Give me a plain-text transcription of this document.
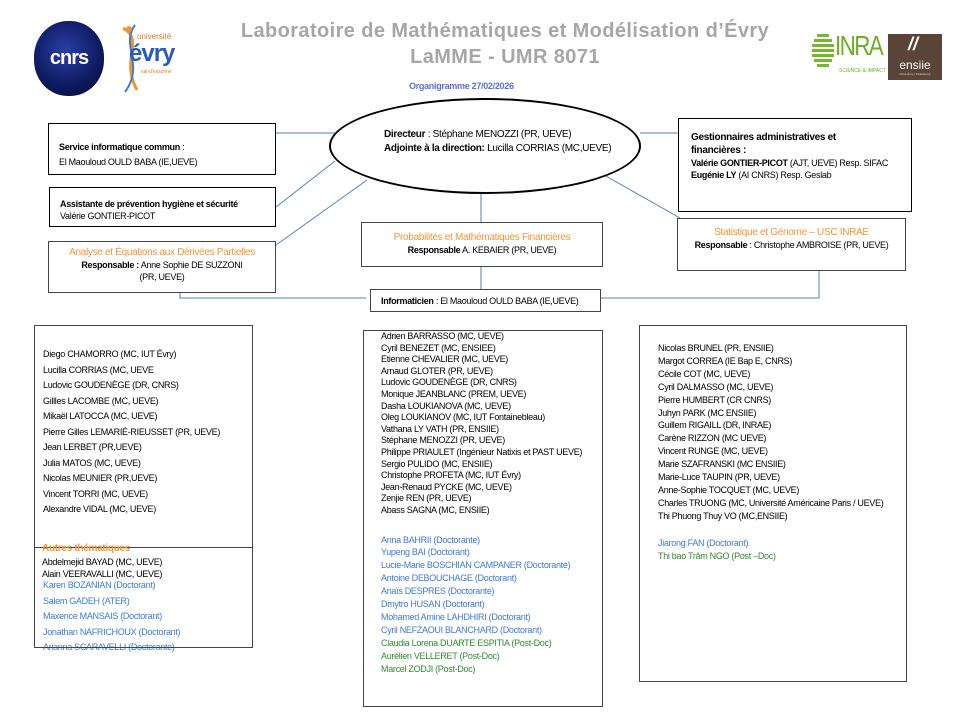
cnrs
université
évry
val-d'essonne
INRA
SCIENCE & IMPACT
//
ensiie
Paris-Évry | Strasbourg
Laboratoire de Mathématiques et Modélisation d’Évry
LaMME - UMR 8071
Organigramme 27/02/2026
Directeur : Stéphane MENOZZI (PR, UEVE)
Adjointe à la direction: Lucilla CORRIAS (MC,UEVE)
Service informatique commun :
El Maouloud OULD BABA (IE,UEVE)
Assistante de prévention hygiène et sécurité
Valérie GONTIER-PICOT
Analyse et Équations aux Dérivées Partielles
Responsable : Anne Sophie DE SUZZONI
(PR, UEVE)
Probabilités et Mathématiques Financières
Responsable A. KEBAIER (PR, UEVE)
Gestionnaires administratives et
financières :
Valérie GONTIER-PICOT (AJT, UEVE) Resp. SIFAC
Eugénie LY (AI CNRS) Resp. Geslab
Statistique et Génome – USC INRAE
Responsable : Christophe AMBROISE (PR, UEVE)
Informaticien : El Maouloud OULD BABA (IE,UEVE)
Diego CHAMORRO (MC, IUT Évry)
Lucilla CORRIAS (MC, UEVE
Ludovic GOUDENÈGE (DR, CNRS)
Gillles LACOMBE (MC, UEVE)
Mikaël LATOCCA (MC, UEVE)
Pierre Gilles LEMARIÉ-RIEUSSET (PR, UEVE)
Jean LERBET (PR,UEVE)
Julia MATOS (MC, UEVE)
Nicolas MEUNIER (PR,UEVE)
Vincent TORRI (MC, UEVE)
Alexandre VIDAL (MC, UEVE)
Autres thématiques
Abdelmejid BAYAD (MC, UEVE)
Alain VEERAVALLI (MC, UEVE)
Karen BOZANIAN (Doctorant)
Salem GADEH (ATER)
Maxence MANSAIS (Doctorant)
Jonathan NAFRICHOUX (Doctorant)
Arianna SCARAVELLI (Doctorante)
Adrien BARRASSO (MC, UEVE)
Cyril BENEZET (MC, ENSIEE)
Etienne CHEVALIER (MC, UEVE)
Arnaud GLOTER (PR, UEVE)
Ludovic GOUDENÈGE (DR, CNRS)
Monique JEANBLANC (PREM, UEVE)
Dasha LOUKIANOVA (MC, UEVE)
Oleg LOUKIANOV (MC, IUT Fontainebleau)
Vathana LY VATH (PR, ENSIIE)
Stéphane MENOZZI (PR, UEVE)
Philippe PRIAULET (Ingénieur Natixis et PAST UEVE)
Sergio PULIDO (MC, ENSIIE)
Christophe PROFETA (MC, IUT Évry)
Jean-Renaud PYCKE (MC, UEVE)
Zenjie REN (PR, UEVE)
Abass SAGNA (MC, ENSIIE)
Anna BAHRII (Doctorante)
Yupeng BAI (Doctorant)
Lucie-Marie BOSCHIAN CAMPANER (Doctorante)
Antoine DEBOUCHAGE (Doctorant)
Anaïs DESPRES (Doctorante)
Dmytro HUSAN (Doctorant)
Mohamed Amine LAHDHIRI (Doctorant)
Cyril NEFZAOUI BLANCHARD (Doctorant)
Claudia Lorena DUARTE ESPITIA (Post-Doc)
Aurélien VELLERET (Post-Doc)
Marcel ZODJI (Post-Doc)
Nicolas BRUNEL (PR, ENSIIE)
Margot CORREA (IE Bap E, CNRS)
Cécile COT (MC, UEVE)
Cyril DALMASSO (MC, UEVE)
Pierre HUMBERT (CR CNRS)
Juhyn PARK (MC ENSIIE)
Guillem RIGAILL (DR, INRAE)
Carène RIZZON (MC UEVE)
Vincent RUNGE (MC, UEVE)
Marie SZAFRANSKI (MC ENSIIE)
Marie-Luce TAUPIN (PR, UEVE)
Anne-Sophie TOCQUET (MC, UEVE)
Charles TRUONG (MC, Université Américaine Paris / UEVE)
Thi Phuong Thuy VO (MC,ENSIIE)
Jiarong FAN (Doctorant)
Thi bao Trâm NGO (Post –Doc)
